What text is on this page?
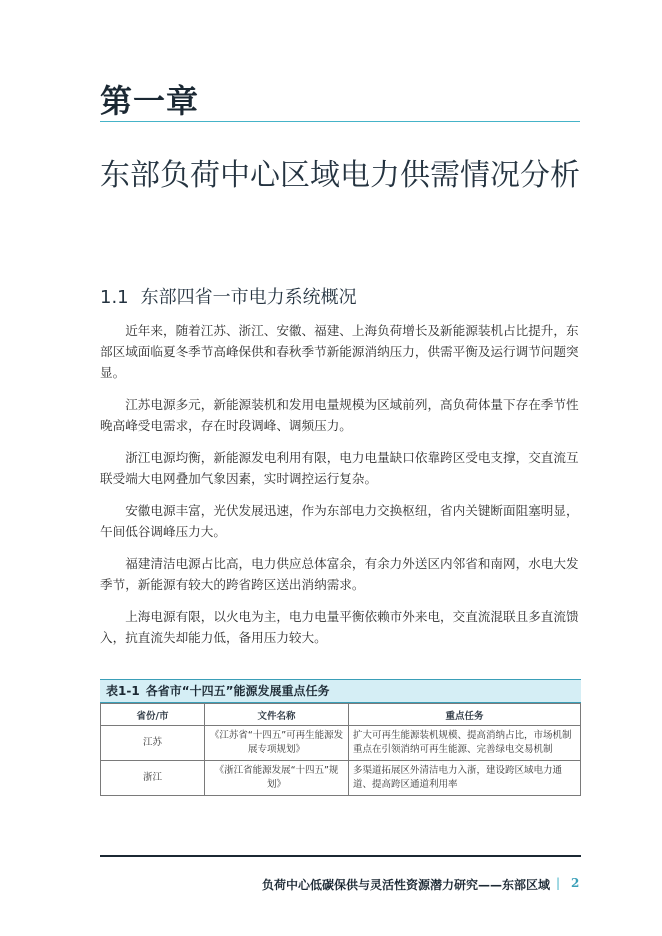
第一章
东部负荷中心区域电力供需情况分析
1.1 东部四省一市电力系统概况

近年来，随着江苏、浙江、安徽、福建、上海负荷增长及新能源装机占比提升，东部区域面临夏冬季节高峰保供和春秋季节新能源消纳压力，供需平衡及运行调节问题突显。

江苏电源多元，新能源装机和发用电量规模为区域前列，高负荷体量下存在季节性晚高峰受电需求，存在时段调峰、调频压力。

浙江电源均衡，新能源发电利用有限，电力电量缺口依靠跨区受电支撑，交直流互联受端大电网叠加气象因素，实时调控运行复杂。

安徽电源丰富，光伏发展迅速，作为东部电力交换枢纽，省内关键断面阻塞明显，午间低谷调峰压力大。

福建清洁电源占比高，电力供应总体富余，有余力外送区内邻省和南网，水电大发季节，新能源有较大的跨省跨区送出消纳需求。

上海电源有限，以火电为主，电力电量平衡依赖市外来电，交直流混联且多直流馈入，抗直流失却能力低，备用压力较大。

表1-1 各省市“十四五”能源发展重点任务
省份/市	文件名称	重点任务
江苏	《江苏省“十四五”可再生能源发展专项规划》	扩大可再生能源装机规模、提高消纳占比，市场机制重点在引领消纳可再生能源、完善绿电交易机制
浙江	《浙江省能源发展“十四五”规划》	多渠道拓展区外清洁电力入浙，建设跨区域电力通道、提高跨区通道利用率
负荷中心低碳保供与灵活性资源潜力研究——东部区域 | 2
